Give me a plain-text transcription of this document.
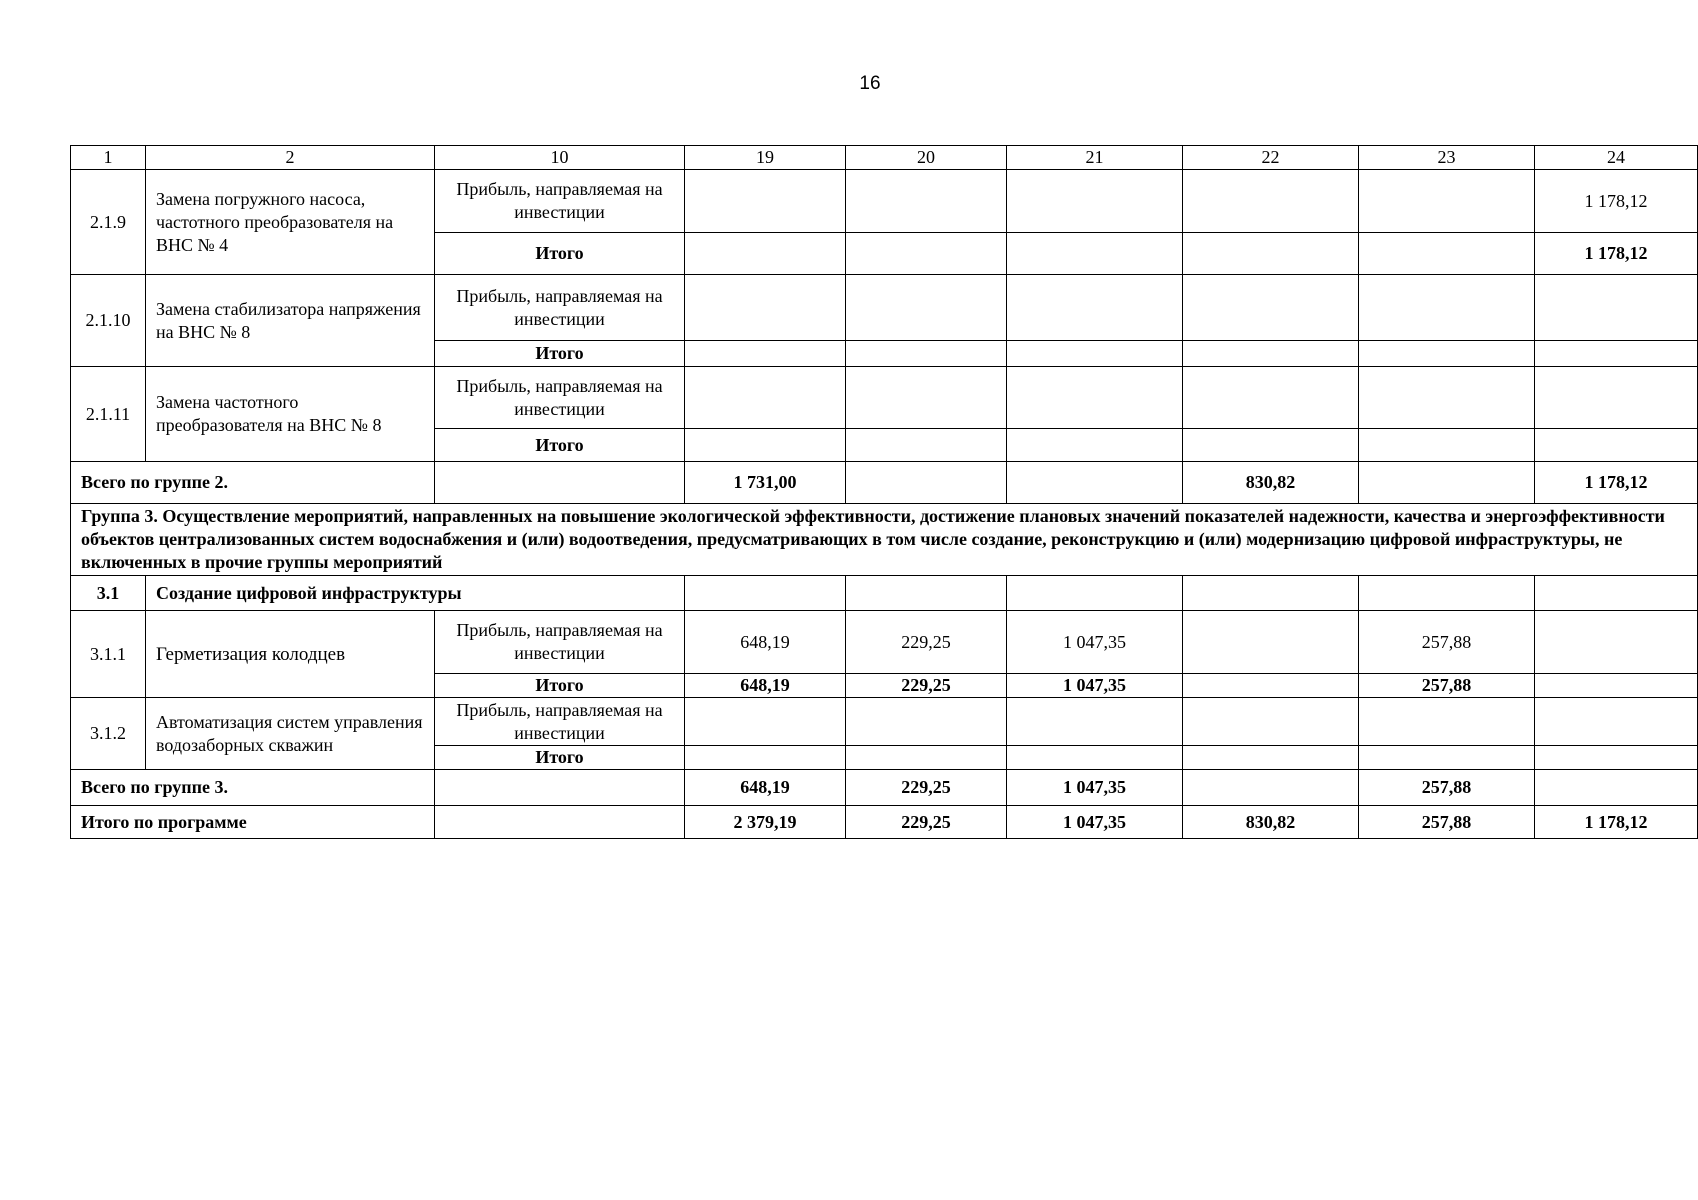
16
1	2	10	19	20	21	22	23	24
2.1.9	Замена погружного насоса, частотного преобразователя на ВНС № 4	Прибыль, направляемая на инвестиции						1 178,12
		Итого						1 178,12
2.1.10	Замена стабилизатора напряжения на ВНС № 8	Прибыль, направляемая на инвестиции						
		Итого						
2.1.11	Замена частотного преобразователя на ВНС № 8	Прибыль, направляемая на инвестиции						
		Итого						
Всего по группе 2.			1 731,00			830,82		1 178,12
Группа 3. Осуществление мероприятий, направленных на повышение экологической эффективности, достижение плановых значений показателей надежности, качества и энергоэффективности объектов централизованных систем водоснабжения и (или) водоотведения, предусматривающих в том числе создание, реконструкцию и (или) модернизацию цифровой инфраструктуры, не включенных в прочие группы мероприятий								
3.1	Создание цифровой инфраструктуры							
3.1.1	Герметизация колодцев	Прибыль, направляемая на инвестиции	648,19	229,25	1 047,35		257,88	
		Итого	648,19	229,25	1 047,35		257,88	
3.1.2	Автоматизация систем управления водозаборных скважин	Прибыль, направляемая на инвестиции						
		Итого						
Всего по группе 3.			648,19	229,25	1 047,35		257,88	
Итого по программе			2 379,19	229,25	1 047,35	830,82	257,88	1 178,12
